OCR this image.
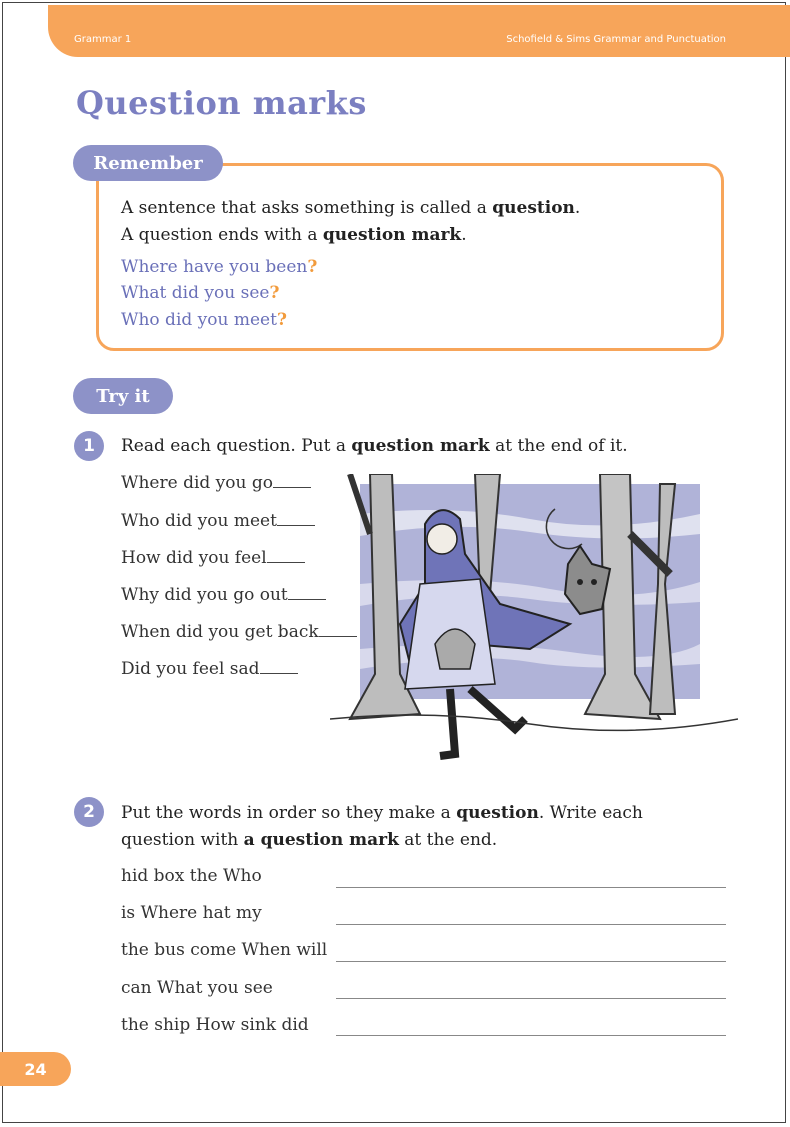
Grammar 1	Schofield & Sims Grammar and Punctuation
Question marks
Remember
A sentence that asks something is called a question.
A question ends with a question mark.
Where have you been?
What did you see?
Who did you meet?
Try it
1	Read each question. Put a question mark at the end of it.
Where did you go
Who did you meet
How did you feel
Why did you go out
When did you get back
Did you feel sad
2	Put the words in order so they make a question. Write each
question with a question mark at the end.
hid box the Who
is Where hat my
the bus come When will
can What you see
the ship How sink did
24
